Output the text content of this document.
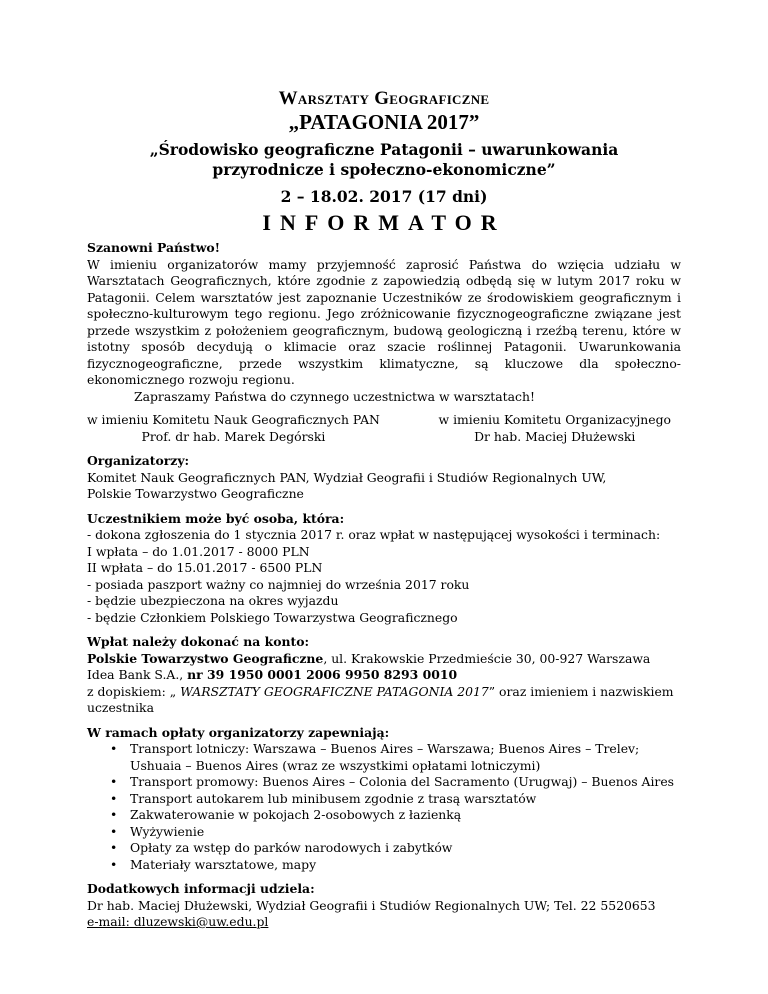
Warsztaty Geograficzne
„PATAGONIA 2017”
„Środowisko geograficzne Patagonii – uwarunkowania
przyrodnicze i społeczno-ekonomiczne”
2 – 18.02. 2017 (17 dni)
INFORMATOR
Szanowni Państwo!
W imieniu organizatorów mamy przyjemność zaprosić Państwa do wzięcia udziału w Warsztatach Geograficznych, które zgodnie z zapowiedzią odbędą się w lutym 2017 roku w Patagonii. Celem warsztatów jest zapoznanie Uczestników ze środowiskiem geograficznym i społeczno-kulturowym tego regionu. Jego zróżnicowanie fizycznogeograficzne związane jest przede wszystkim z położeniem geograficznym, budową geologiczną i rzeźbą terenu, które w istotny sposób decydują o klimacie oraz szacie roślinnej Patagonii. Uwarunkowania fizycznogeograficzne, przede wszystkim klimatyczne, są kluczowe dla społeczno-ekonomicznego rozwoju regionu.
Zapraszamy Państwa do czynnego uczestnictwa w warsztatach!
w imieniu Komitetu Nauk Geograficznych PAN
Prof. dr hab. Marek Degórski
w imieniu Komitetu Organizacyjnego
Dr hab. Maciej Dłużewski
Organizatorzy:
Komitet Nauk Geograficznych PAN, Wydział Geografii i Studiów Regionalnych UW,
Polskie Towarzystwo Geograficzne
Uczestnikiem może być osoba, która:
- dokona zgłoszenia do 1 stycznia 2017 r. oraz wpłat w następującej wysokości i terminach:
I wpłata – do 1.01.2017 - 8000 PLN
II wpłata – do 15.01.2017 - 6500 PLN
- posiada paszport ważny co najmniej do września 2017 roku
- będzie ubezpieczona na okres wyjazdu
- będzie Członkiem Polskiego Towarzystwa Geograficznego
Wpłat należy dokonać na konto:
Polskie Towarzystwo Geograficzne, ul. Krakowskie Przedmieście 30, 00-927 Warszawa
Idea Bank S.A., nr 39 1950 0001 2006 9950 8293 0010
z dopiskiem: „ WARSZTATY GEOGRAFICZNE PATAGONIA 2017” oraz imieniem i nazwiskiem
uczestnika
W ramach opłaty organizatorzy zapewniają:
• Transport lotniczy: Warszawa – Buenos Aires – Warszawa; Buenos Aires – Trelev; Ushuaia – Buenos Aires (wraz ze wszystkimi opłatami lotniczymi)
• Transport promowy: Buenos Aires – Colonia del Sacramento (Urugwaj) – Buenos Aires
• Transport autokarem lub minibusem zgodnie z trasą warsztatów
• Zakwaterowanie w pokojach 2-osobowych z łazienką
• Wyżywienie
• Opłaty za wstęp do parków narodowych i zabytków
• Materiały warsztatowe, mapy
Dodatkowych informacji udziela:
Dr hab. Maciej Dłużewski, Wydział Geografii i Studiów Regionalnych UW; Tel. 22 5520653
e-mail: dluzewski@uw.edu.pl
